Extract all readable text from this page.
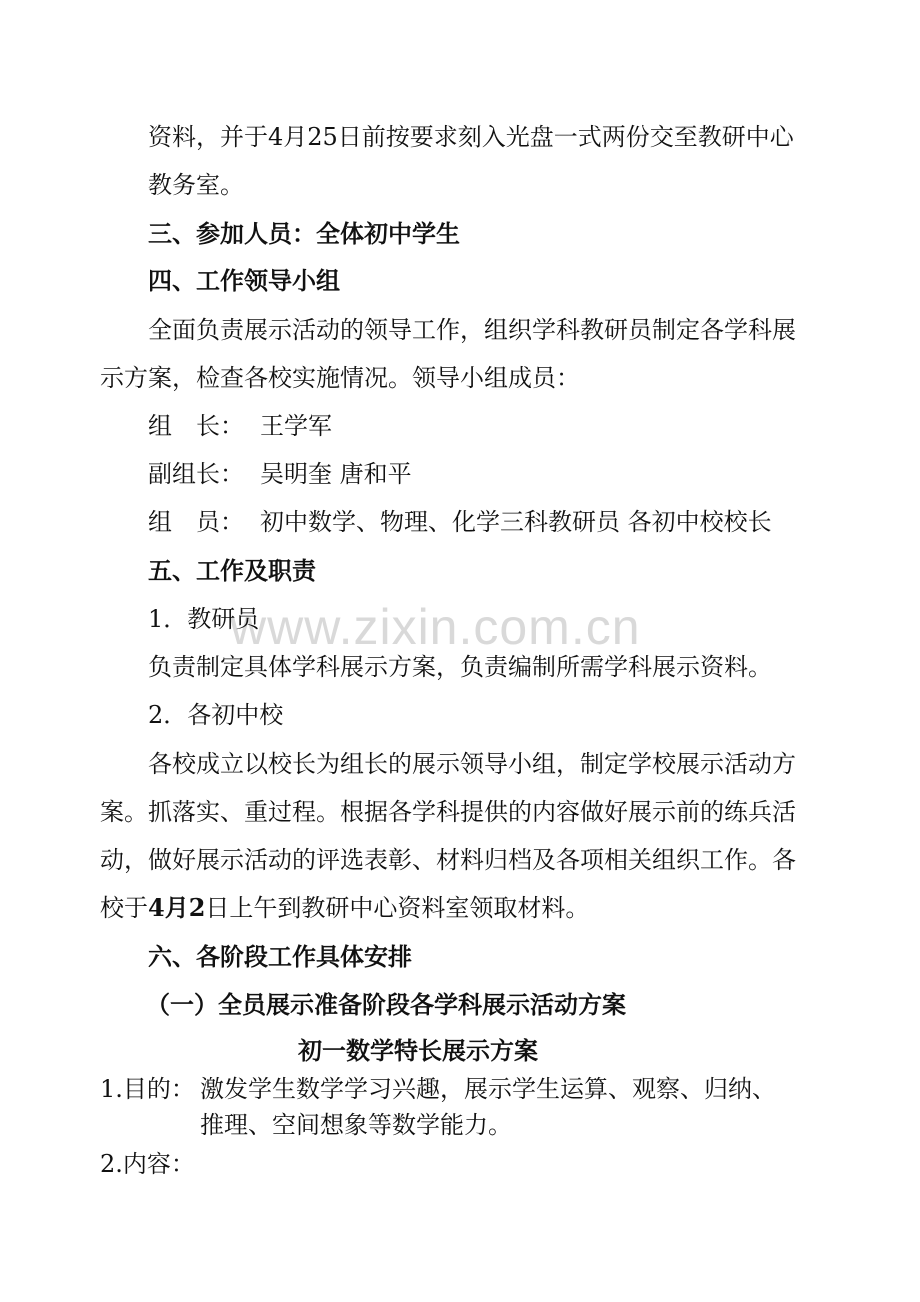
www.zixin.com.cn
资料，并于4月25日前按要求刻入光盘一式两份交至教研中心
教务室。
三、参加人员：全体初中学生
四、工作领导小组
全面负责展示活动的领导工作，组织学科教研员制定各学科展
示方案，检查各校实施情况。领导小组成员：
组　长： 王学军
副组长： 吴明奎 唐和平
组　员： 初中数学、物理、化学三科教研员 各初中校校长
五、工作及职责
1．教研员
负责制定具体学科展示方案，负责编制所需学科展示资料。
2．各初中校
各校成立以校长为组长的展示领导小组，制定学校展示活动方
案。抓落实、重过程。根据各学科提供的内容做好展示前的练兵活
动，做好展示活动的评选表彰、材料归档及各项相关组织工作。各
校于4月2日上午到教研中心资料室领取材料。
六、各阶段工作具体安排
（一）全员展示准备阶段各学科展示活动方案
初一数学特长展示方案
1.目的： 激发学生数学学习兴趣，展示学生运算、观察、归纳、
推理、空间想象等数学能力。
2.内容：
